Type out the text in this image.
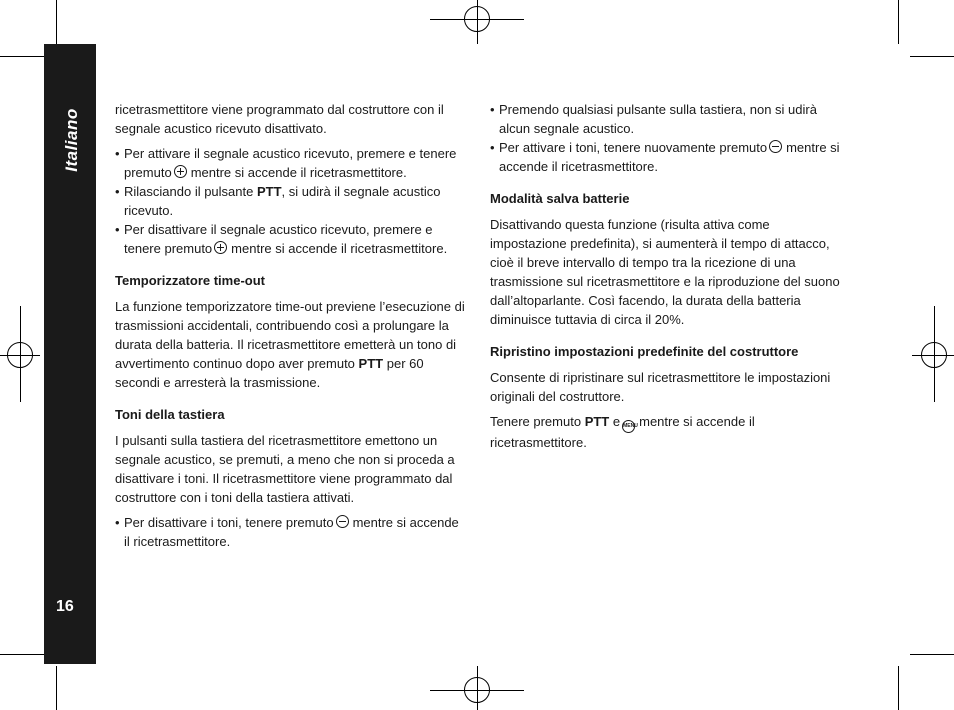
Italiano
16

ricetrasmettitore viene programmato dal costruttore con il segnale acustico ricevuto disattivato.

• Per attivare il segnale acustico ricevuto, premere e tenere premuto mentre si accende il ricetrasmettitore.
• Rilasciando il pulsante PTT, si udirà il segnale acustico ricevuto.
• Per disattivare il segnale acustico ricevuto, premere e tenere premuto mentre si accende il ricetrasmettitore.
Temporizzatore time-out

La funzione temporizzatore time-out previene l’esecuzione di trasmissioni accidentali, contribuendo così a prolungare la durata della batteria. Il ricetrasmettitore emetterà un tono di avvertimento continuo dopo aver premuto PTT per 60 secondi e arresterà la trasmissione.

Toni della tastiera

I pulsanti sulla tastiera del ricetrasmettitore emettono un segnale acustico, se premuti, a meno che non si proceda a disattivare i toni. Il ricetrasmettitore viene programmato dal costruttore con i toni della tastiera attivati.

• Per disattivare i toni, tenere premuto mentre si accende il ricetrasmettitore.
• Premendo qualsiasi pulsante sulla tastiera, non si udirà alcun segnale acustico.
• Per attivare i toni, tenere nuovamente premuto mentre si accende il ricetrasmettitore.
Modalità salva batterie

Disattivando questa funzione (risulta attiva come impostazione predefinita), si aumenterà il tempo di attacco, cioè il breve intervallo di tempo tra la ricezione di una trasmissione sul ricetrasmettitore e la riproduzione del suono dall’altoparlante. Così facendo, la durata della batteria diminuisce tuttavia di circa il 20%.

Ripristino impostazioni predefinite del costruttore

Consente di ripristinare sul ricetrasmettitore le impostazioni originali del costruttore.

Tenere premuto PTT e MENUmentre si accende il ricetrasmettitore.
